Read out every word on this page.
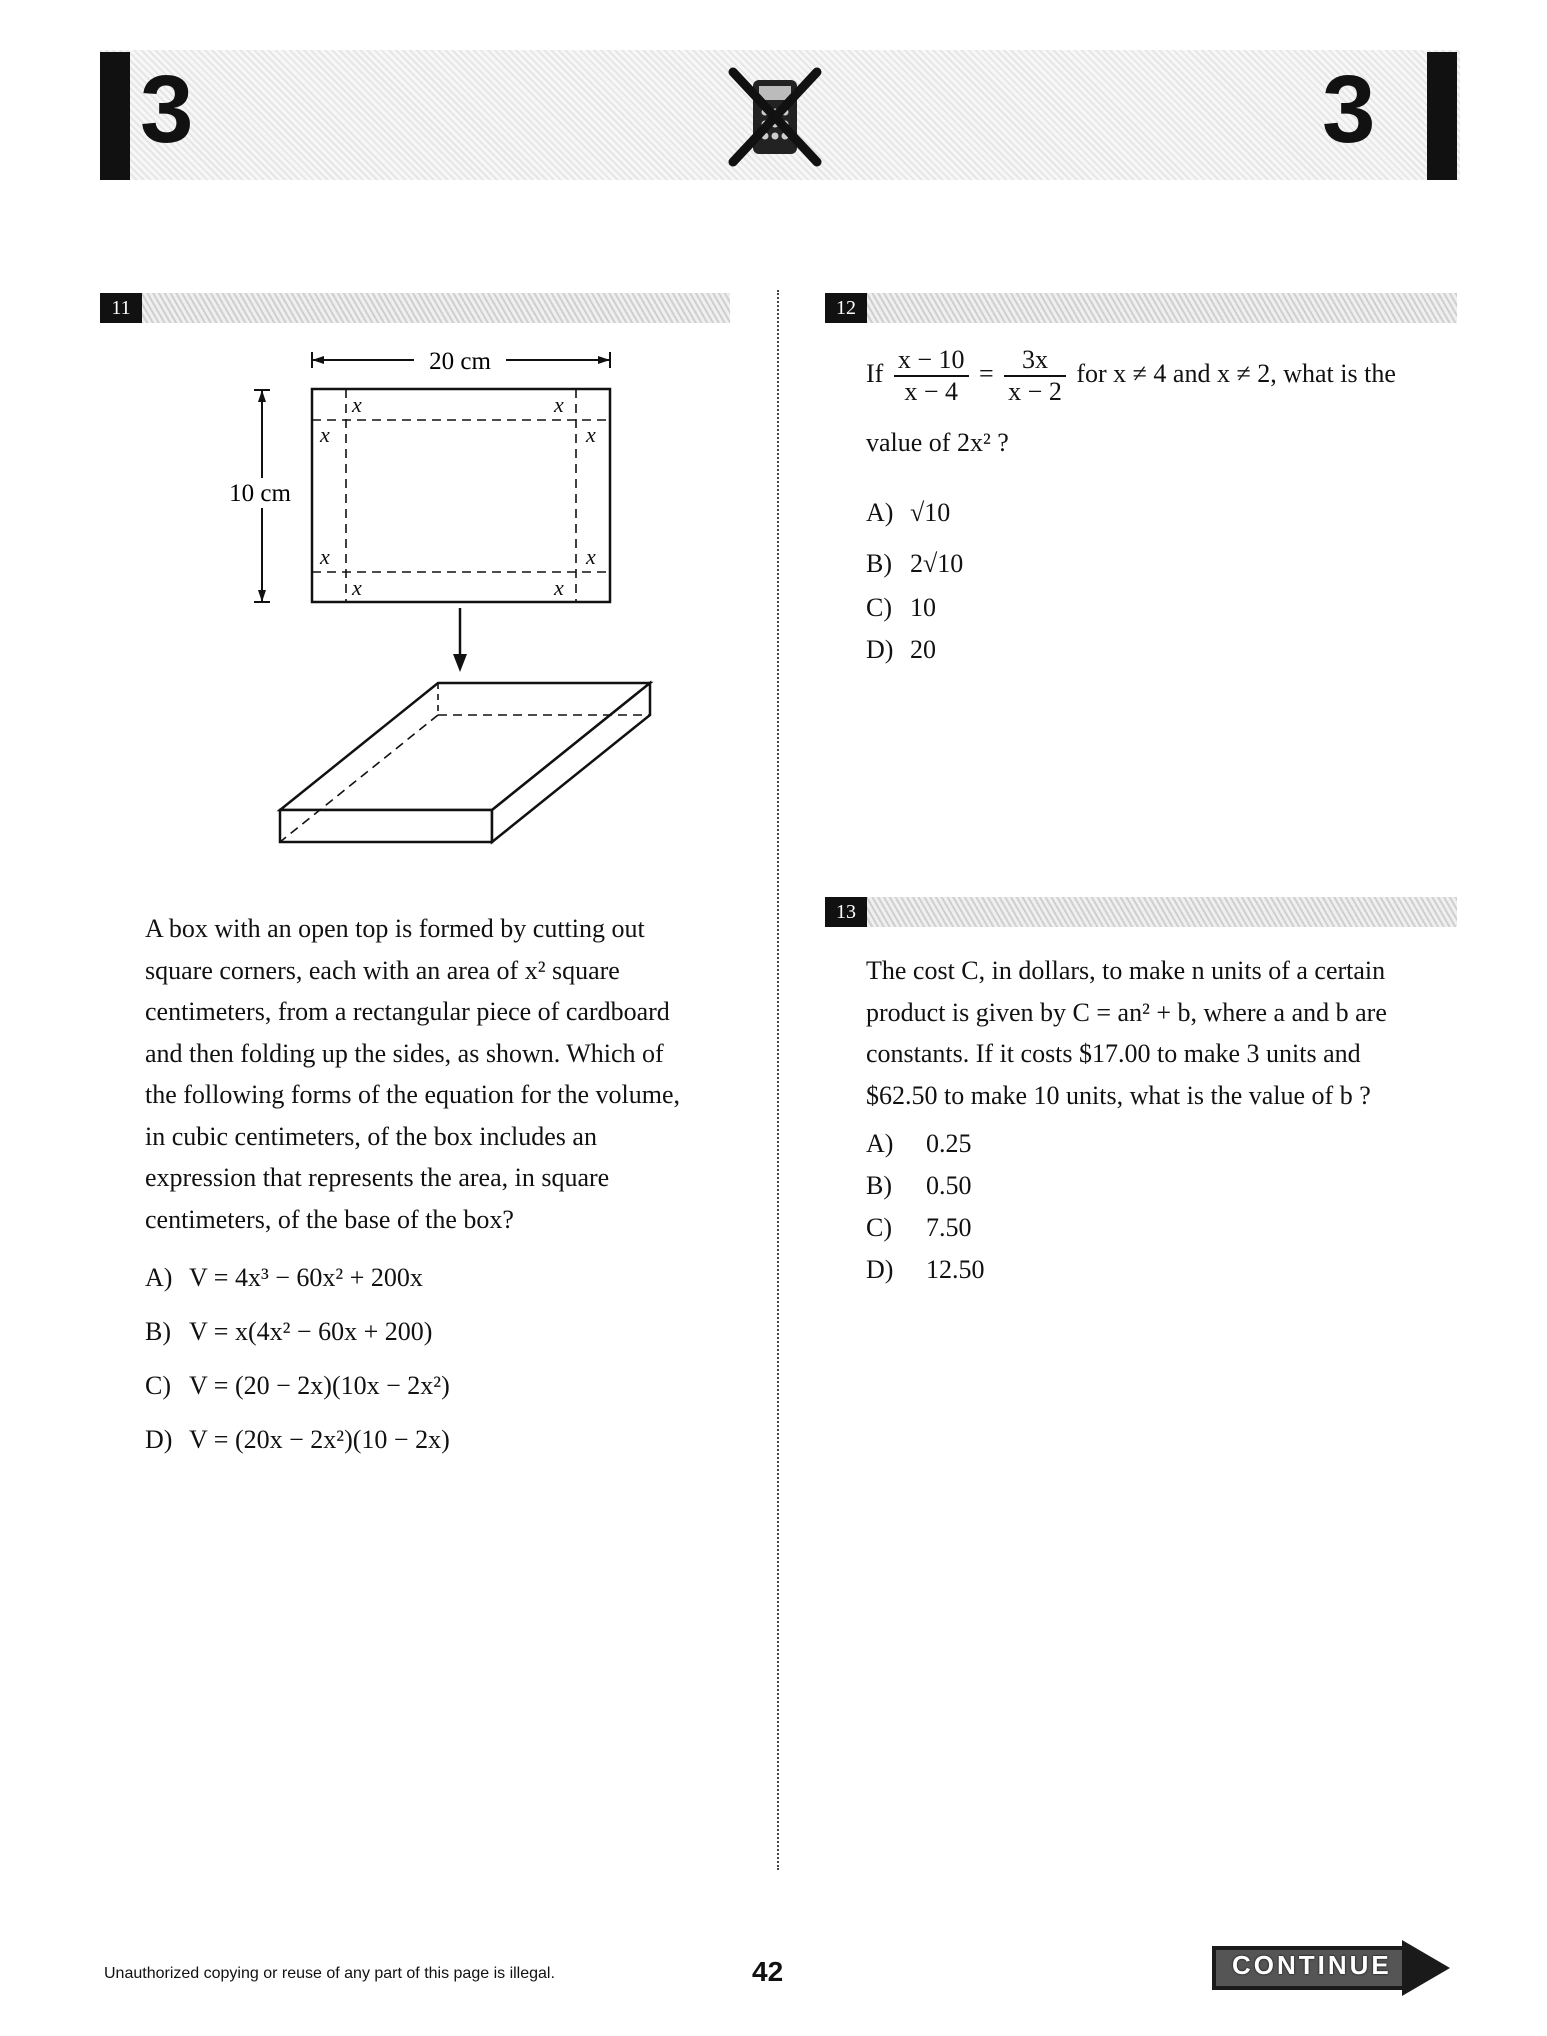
3	3
11	12
13
20 cm
10 cm
x
x
x
x
x	x
x	x
A box with an open top is formed by cutting out
square corners, each with an area of x² square
centimeters, from a rectangular piece of cardboard
and then folding up the sides, as shown. Which of
the following forms of the equation for the volume,
in cubic centimeters, of the box includes an
expression that represents the area, in square
centimeters, of the base of the box?
A) V = 4x³ − 60x² + 200x
B) V = x(4x² − 60x + 200)
C) V = (20 − 2x)(10x − 2x²)
D) V = (20x − 2x²)(10 − 2x)
If $\frac{x - 10}{x - 4} = \frac{3x}{x - 2}$ for x ≠ 4 and x ≠ 2, what is the
value of 2x² ?
A) √10
B) 2√10
C) 10
D) 20
The cost C, in dollars, to make n units of a certain
product is given by C = an² + b, where a and b are
constants. If it costs $17.00 to make 3 units and
$62.50 to make 10 units, what is the value of b ?
A) 0.25
B) 0.50
C) 7.50
D) 12.50
Unauthorized copying or reuse of any part of this page is illegal.	42	CONTINUE
